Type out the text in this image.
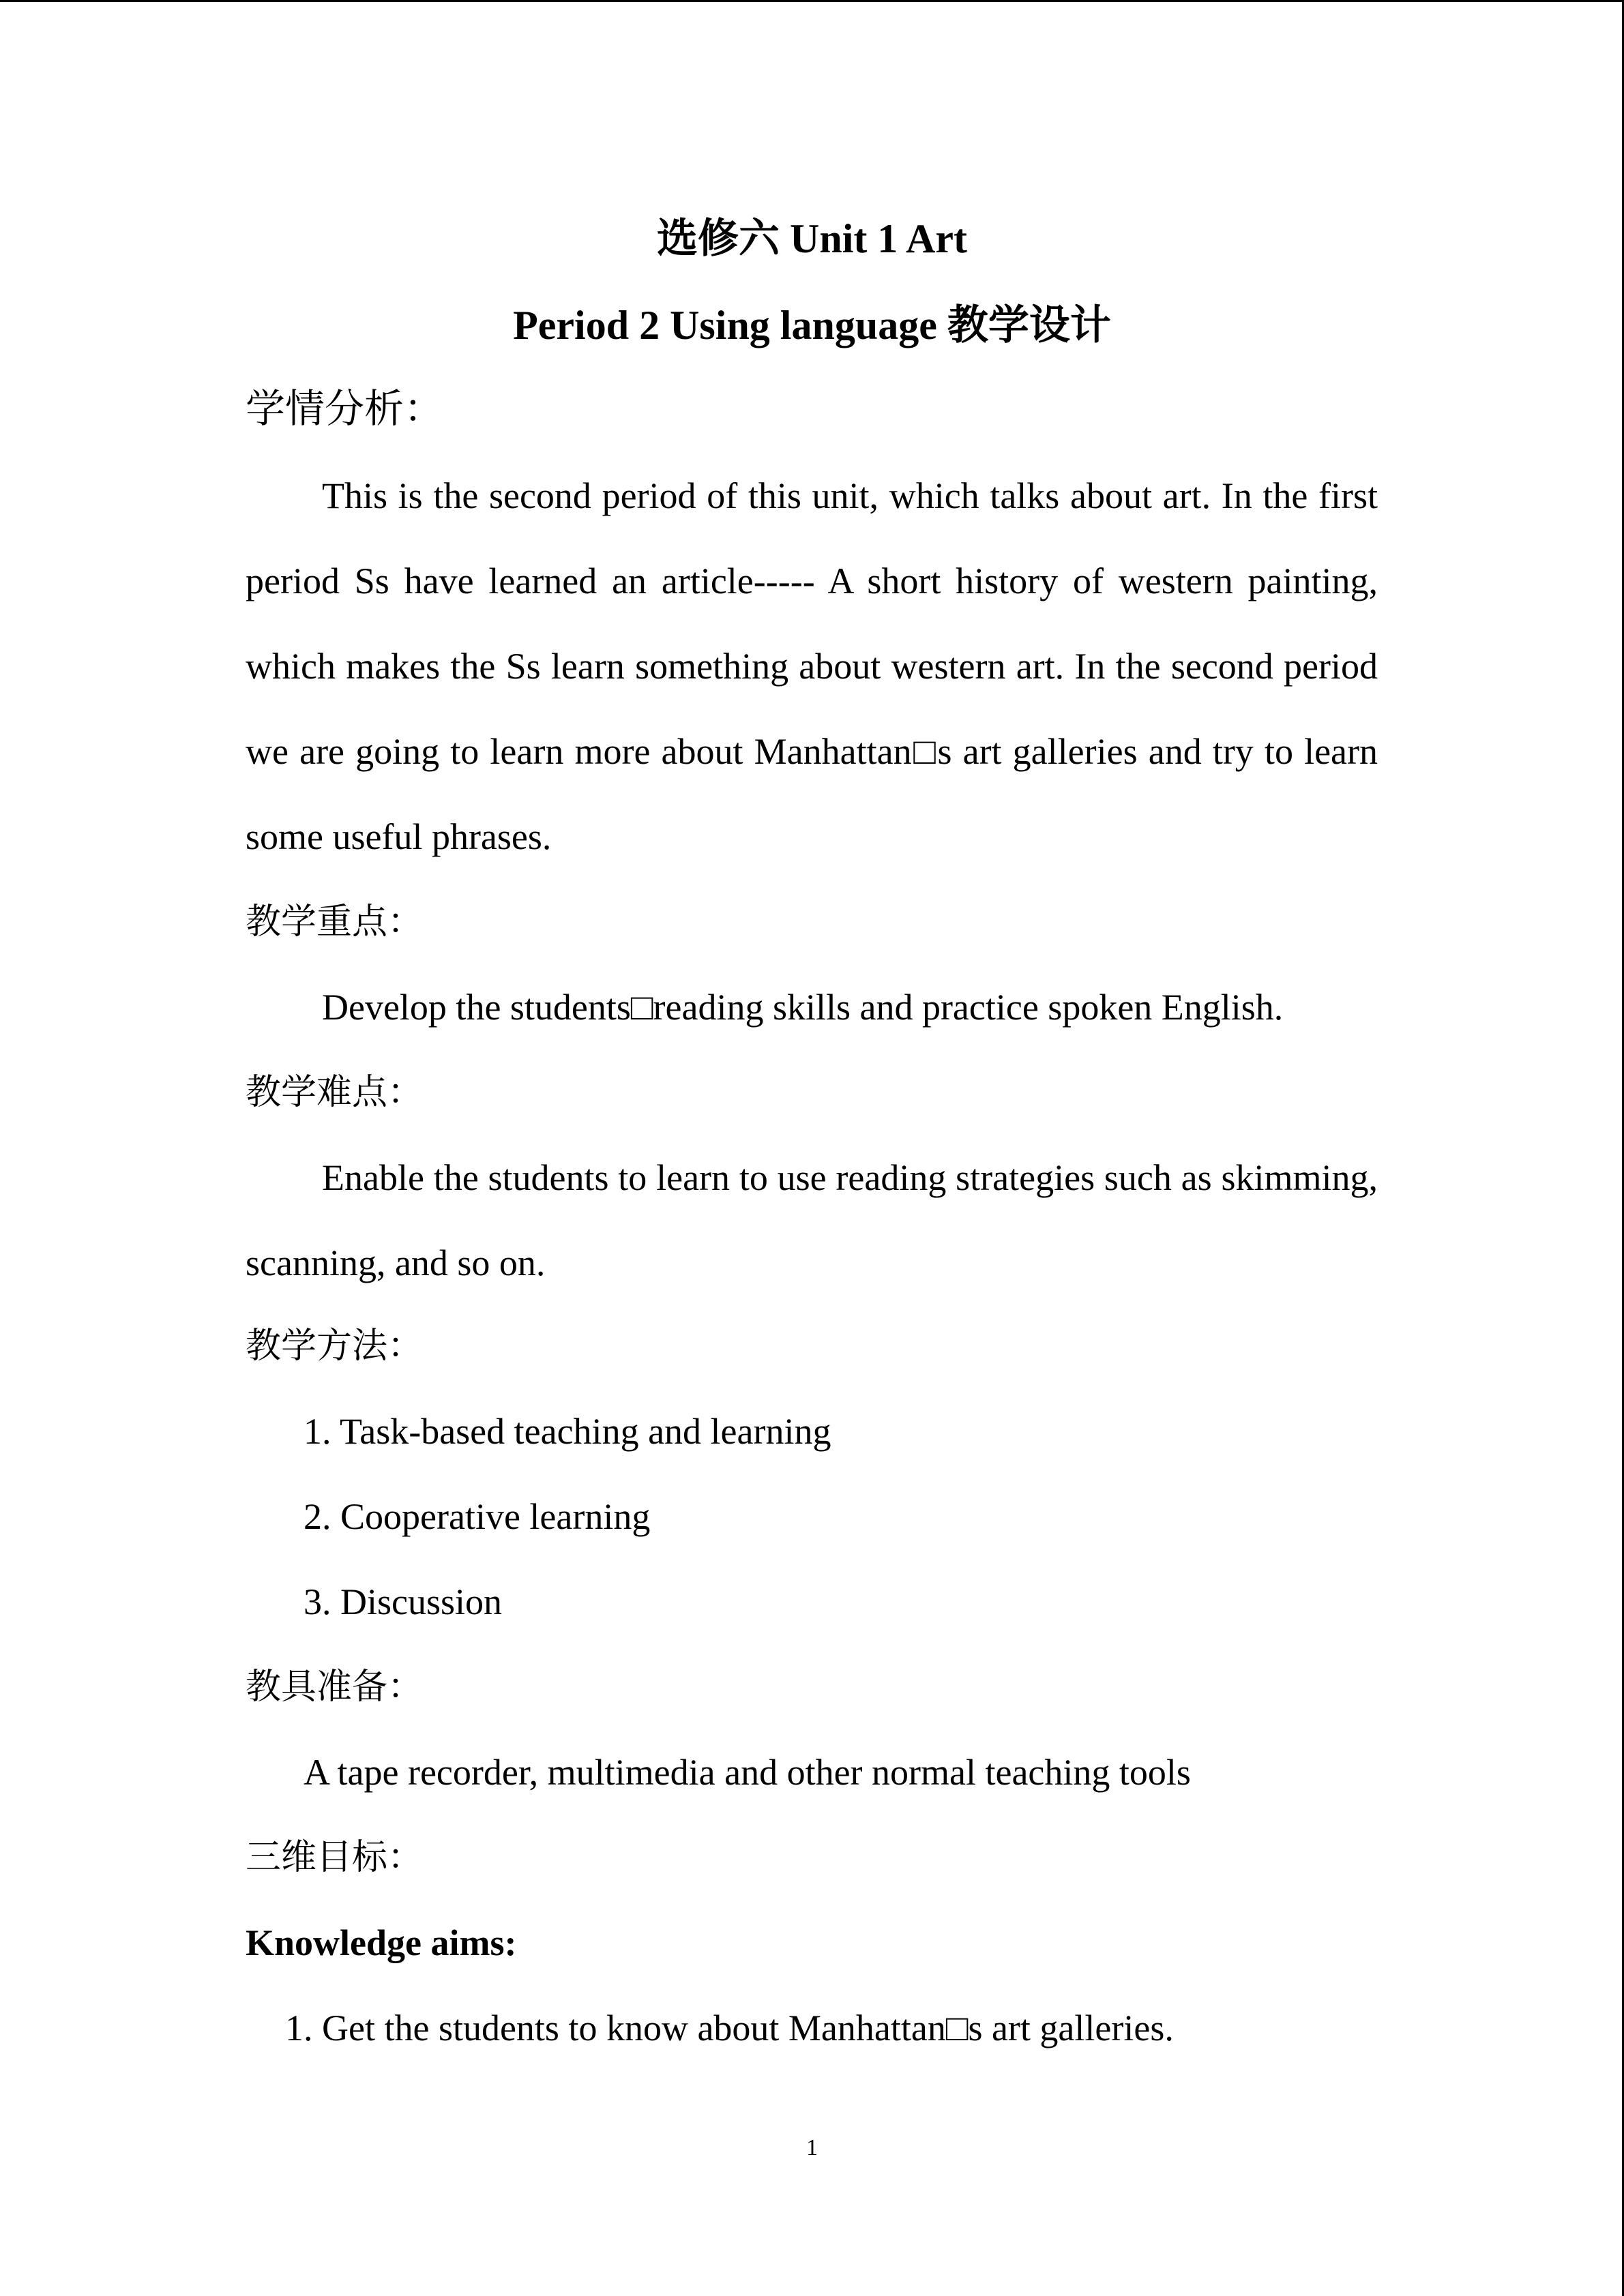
选修六 Unit 1 Art
Period 2 Using language 教学设计
学情分析：

This is the second period of this unit, which talks about art. In the first period Ss have learned an article----- A short history of western painting, which makes the Ss learn something about western art. In the second period we are going to learn more about Manhattan□s art galleries and try to learn some useful phrases.

教学重点：
Develop the students□reading skills and practice spoken English.
教学难点：

Enable the students to learn to use reading strategies such as skimming, scanning, and so on.

教学方法：
1. Task-based teaching and learning
2. Cooperative learning
3. Discussion
教具准备：
A tape recorder, multimedia and other normal teaching tools
三维目标：
Knowledge aims:
1. Get the students to know about Manhattan□s art galleries.
1
